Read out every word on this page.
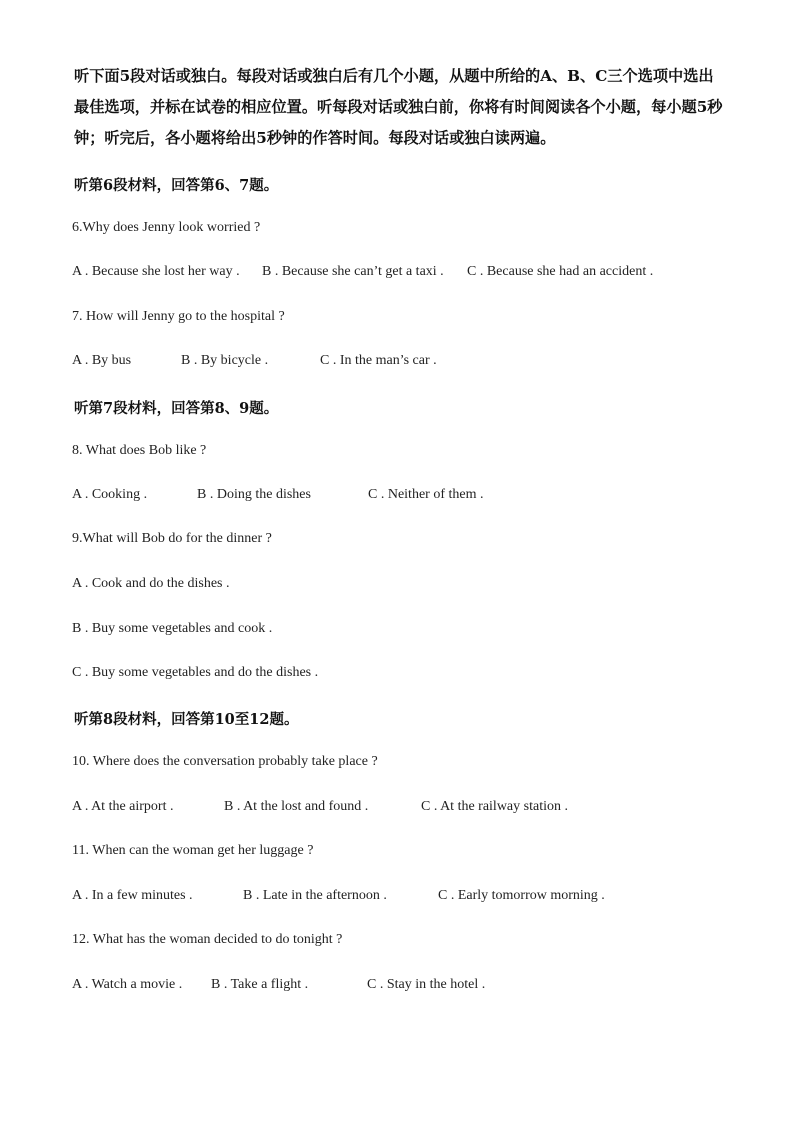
听下面5段对话或独白。每段对话或独白后有几个小题，从题中所给的A、B、C三个选项中选出最佳选项，并标在试卷的相应位置。听每段对话或独白前，你将有时间阅读各个小题，每小题5秒钟；听完后，各小题将给出5秒钟的作答时间。每段对话或独白读两遍。

听第6段材料，回答第6、7题。

6.Why does Jenny look worried ?

A . Because she lost her way . B . Because she can’t get a taxi . C . Because she had an accident .

7. How will Jenny go to the hospital ?

A . By bus	B . By bicycle .	C . In the man’s car .

听第7段材料，回答第8、9题。

8. What does Bob like ?

A . Cooking .	B . Doing the dishes	C . Neither of them .

9.What will Bob do for the dinner ?

A . Cook and do the dishes .

B . Buy some vegetables and cook .

C . Buy some vegetables and do the dishes .

听第8段材料，回答第10至12题。

10. Where does the conversation probably take place ?

A . At the airport .	B . At the lost and found .	C . At the railway station .

11. When can the woman get her luggage ?

A . In a few minutes .	B . Late in the afternoon .	C . Early tomorrow morning .

12. What has the woman decided to do tonight ?

A . Watch a movie . B . Take a flight .	C . Stay in the hotel .
